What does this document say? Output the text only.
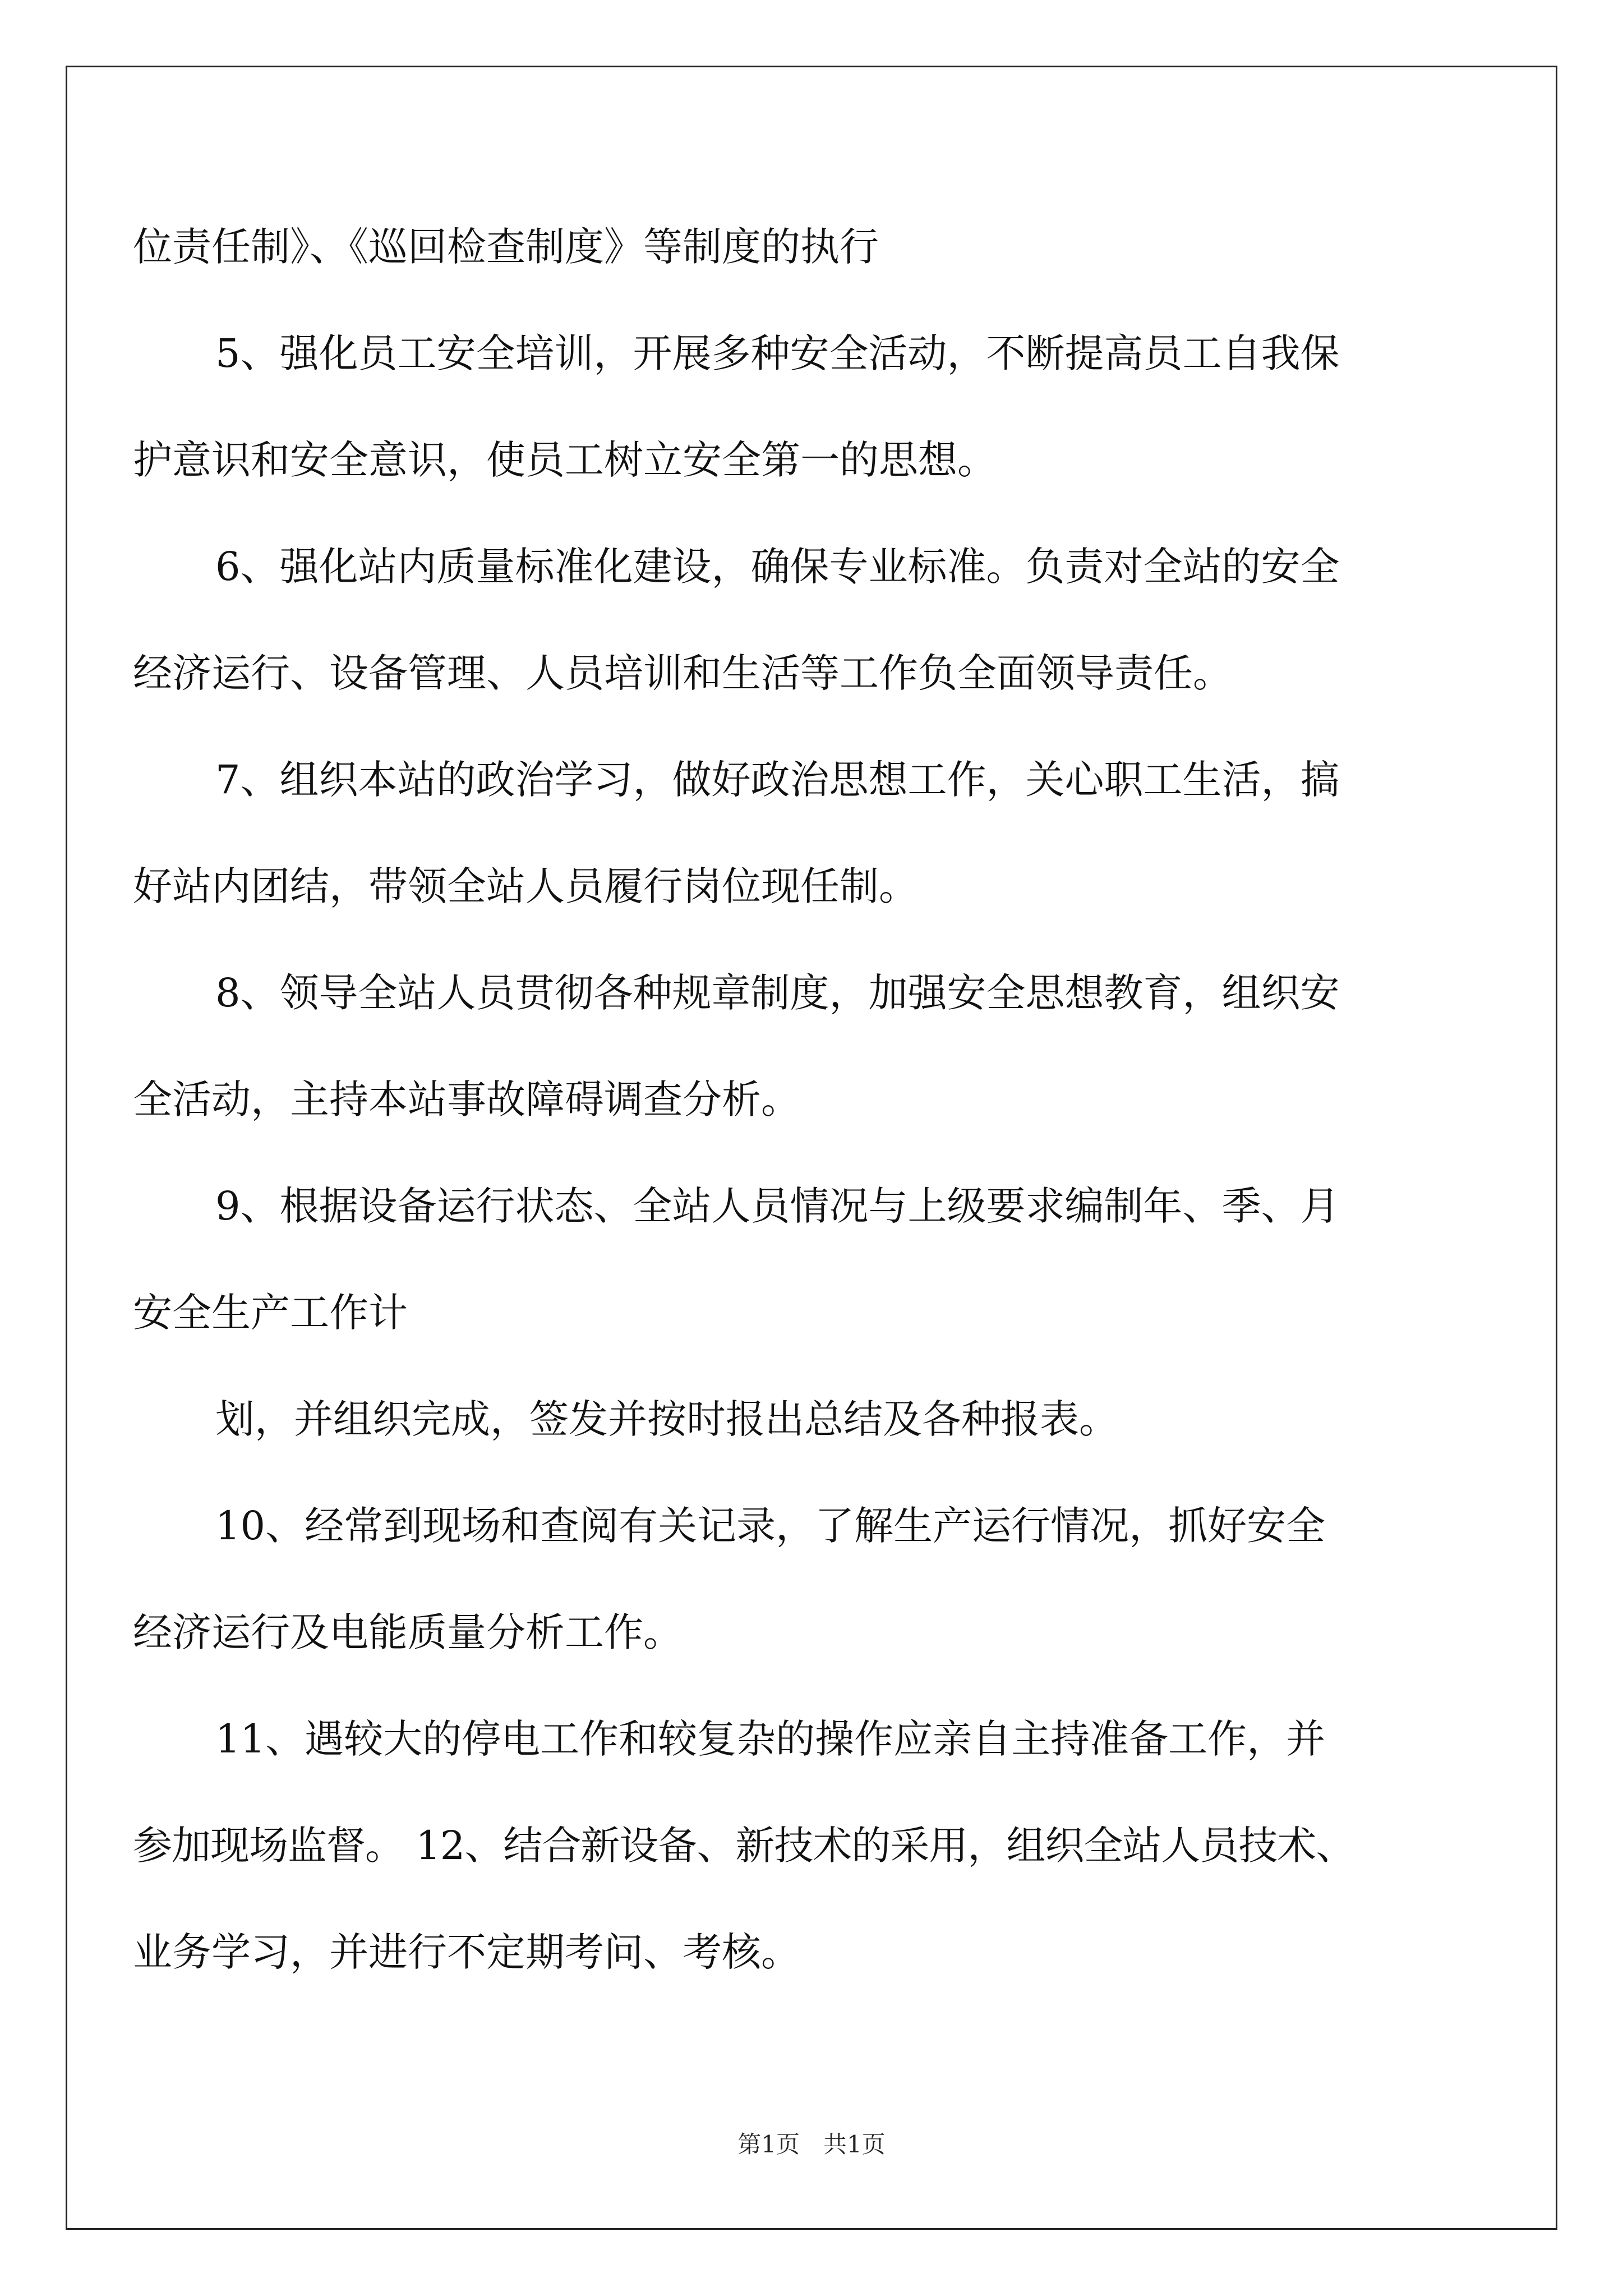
位责任制》、《巡回检查制度》等制度的执行
5、强化员工安全培训，开展多种安全活动，不断提高员工自我保
护意识和安全意识，使员工树立安全第一的思想。
6、强化站内质量标准化建设，确保专业标准。负责对全站的安全
经济运行、设备管理、人员培训和生活等工作负全面领导责任。
7、组织本站的政治学习，做好政治思想工作，关心职工生活，搞
好站内团结，带领全站人员履行岗位现任制。
8、领导全站人员贯彻各种规章制度，加强安全思想教育，组织安
全活动，主持本站事故障碍调查分析。
9、根据设备运行状态、全站人员情况与上级要求编制年、季、月
安全生产工作计
划，并组织完成，签发并按时报出总结及各种报表。
10、经常到现场和查阅有关记录，了解生产运行情况，抓好安全
经济运行及电能质量分析工作。
11、遇较大的停电工作和较复杂的操作应亲自主持准备工作，并
参加现场监督。 12、结合新设备、新技术的采用，组织全站人员技术、
业务学习，并进行不定期考问、考核。
第1页　共1页
